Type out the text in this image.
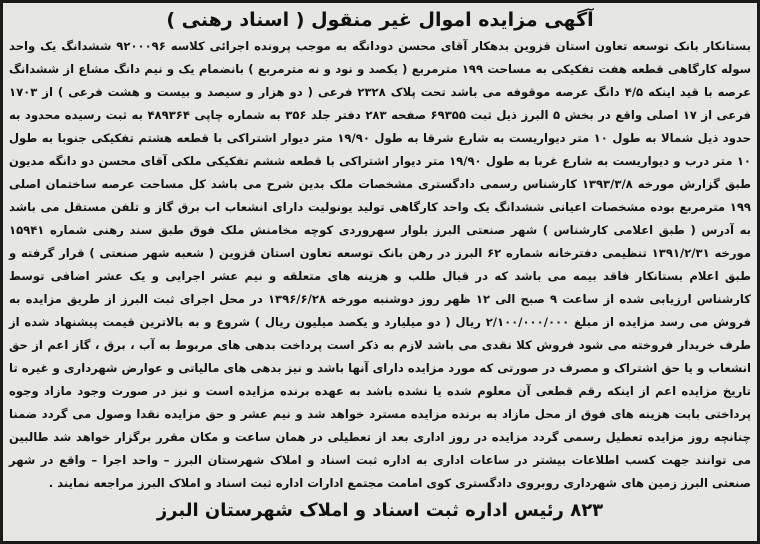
آگهی مزایده اموال غیر منقول ( اسناد رهنی )

بستانکار بانک توسعه تعاون استان قزوین بدهکار آقای محسن دودانگه به موجب پرونده اجرائی کلاسه ۹۲۰۰۰۹۶ ششدانگ یک واحد سوله کارگاهی قطعه هفت تفکیکی به مساحت ۱۹۹ مترمربع ( یکصد و نود و نه مترمربع ) بانضمام یک و نیم دانگ مشاع از ششدانگ عرصه با قید اینکه ۴/۵ دانگ عرصه موقوفه می باشد تحت پلاک ۲۳۲۸ فرعی ( دو هزار و سیصد و بیست و هشت فرعی ) از ۱۷۰۳ فرعی از ۱۷ اصلی واقع در بخش ۵ البرز ذیل ثبت ۶۹۳۵۵ صفحه ۲۸۳ دفتر جلد ۳۵۶ به شماره چاپی ۴۸۹۳۶۴ به ثبت رسیده محدود به حدود ذیل شمالا به طول ۱۰ متر دیواریست به شارع شرقا به طول ۱۹/۹۰ متر دیوار اشتراکی با قطعه هشتم تفکیکی جنوبا به طول ۱۰ متر درب و دیواریست به شارع غربا به طول ۱۹/۹۰ متر دیوار اشتراکی با قطعه ششم تفکیکی ملکی آقای محسن دو دانگه مدیون طبق گزارش مورخه ۱۳۹۳/۳/۸ کارشناس رسمی دادگستری مشخصات ملک بدین شرح می باشد کل مساحت عرصه ساختمان اصلی ۱۹۹ مترمربع بوده مشخصات اعیانی ششدانگ یک واحد کارگاهی تولید یونولیت دارای انشعاب اب برق گاز و تلفن مستقل می باشد به آدرس ( طبق اعلامی کارشناس ) شهر صنعتی البرز بلوار سهروردی کوچه مخامنش ملک فوق طبق سند رهنی شماره ۱۵۹۴۱ مورخه ۱۳۹۱/۲/۳۱ تنظیمی دفترخانه شماره ۶۲ البرز در رهن بانک توسعه تعاون استان قزوین ( شعبه شهر صنعتی ) قرار گرفته و طبق اعلام بستانکار فاقد بیمه می باشد که در قبال طلب و هزینه های متعلقه و نیم عشر اجرایی و یک عشر اضافی توسط کارشناس ارزیابی شده از ساعت ۹ صبح الی ۱۲ ظهر روز دوشنبه مورخه ۱۳۹۶/۶/۲۸ در محل اجرای ثبت البرز از طریق مزایده به فروش می رسد مزایده از مبلغ ۲/۱۰۰/۰۰۰/۰۰۰ ریال ( دو میلیارد و یکصد میلیون ریال ) شروع و به بالاترین قیمت پیشنهاد شده از طرف خریدار فروخته می شود فروش کلا نقدی می باشد لازم به ذکر است پرداخت بدهی های مربوط به آب ، برق ، گاز اعم از حق انشعاب و یا حق اشتراک و مصرف در صورتی که مورد مزایده دارای آنها باشد و نیز بدهی های مالیاتی و عوارض شهرداری و غیره تا تاریخ مزایده اعم از اینکه رقم قطعی آن معلوم شده یا نشده باشد به عهده برنده مزایده است و نیز در صورت وجود مازاد وجوه پرداختی بابت هزینه های فوق از محل مازاد به برنده مزایده مسترد خواهد شد و نیم عشر و حق مزایده نقدا وصول می گردد ضمنا چنانچه روز مزایده تعطیل رسمی گردد مزایده در روز اداری بعد از تعطیلی در همان ساعت و مکان مقرر برگزار خواهد شد طالبین می توانند جهت کسب اطلاعات بیشتر در ساعات اداری به اداره ثبت اسناد و املاک شهرستان البرز – واحد اجرا – واقع در شهر صنعتی البرز زمین های شهرداری روبروی دادگستری کوی امامت مجتمع ادارات اداره ثبت اسناد و املاک البرز مراجعه نمایند .

۸۲۳ رئیس اداره ثبت اسناد و املاک شهرستان البرز
